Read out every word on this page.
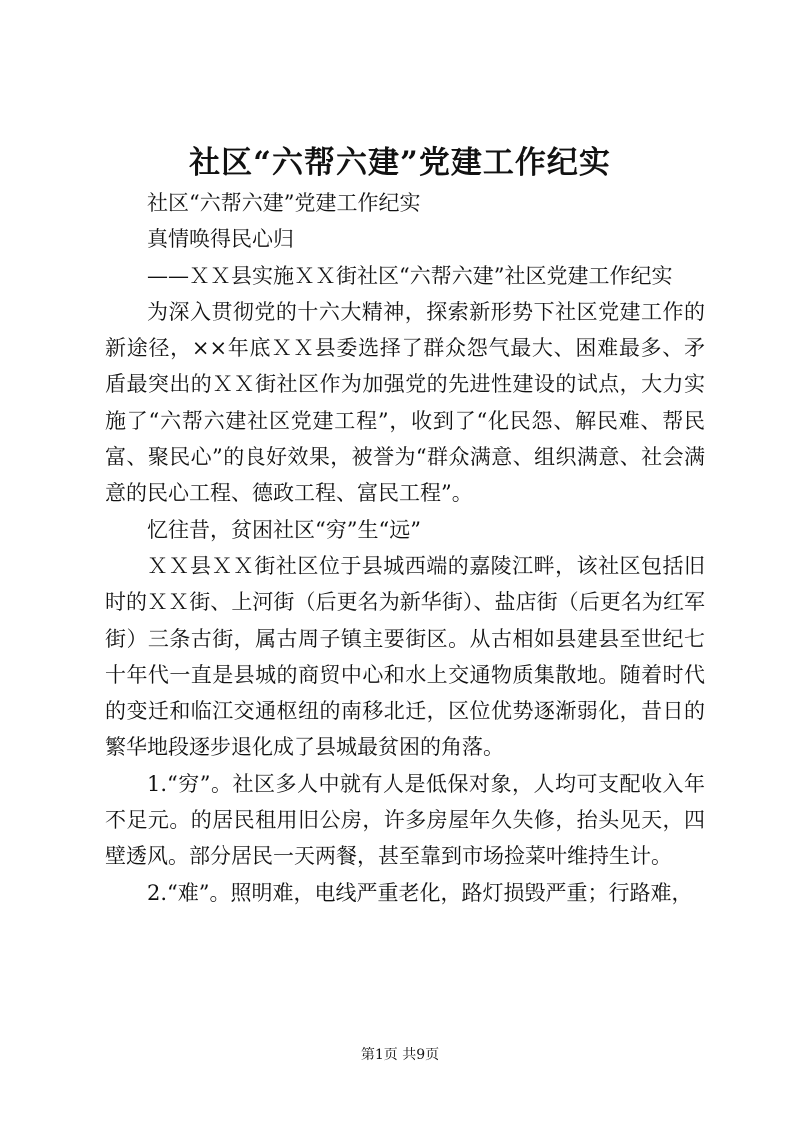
社区“六帮六建”党建工作纪实

社区“六帮六建”党建工作纪实

真情唤得民心归

——ＸＸ县实施ＸＸ街社区“六帮六建”社区党建工作纪实

为深入贯彻党的十六大精神，探索新形势下社区党建工作的新途径，××年底ＸＸ县委选择了群众怨气最大、困难最多、矛盾最突出的ＸＸ街社区作为加强党的先进性建设的试点，大力实施了“六帮六建社区党建工程”，收到了“化民怨、解民难、帮民富、聚民心”的良好效果，被誉为“群众满意、组织满意、社会满意的民心工程、德政工程、富民工程”。

忆往昔，贫困社区“穷”生“远”

ＸＸ县ＸＸ街社区位于县城西端的嘉陵江畔，该社区包括旧时的ＸＸ街、上河街（后更名为新华街）、盐店街（后更名为红军街）三条古街，属古周子镇主要街区。从古相如县建县至世纪七十年代一直是县城的商贸中心和水上交通物质集散地。随着时代的变迁和临江交通枢纽的南移北迁，区位优势逐渐弱化，昔日的繁华地段逐步退化成了县城最贫困的角落。

1.“穷”。社区多人中就有人是低保对象，人均可支配收入年不足元。的居民租用旧公房，许多房屋年久失修，抬头见天，四壁透风。部分居民一天两餐，甚至靠到市场捡菜叶维持生计。

2.“难”。照明难，电线严重老化，路灯损毁严重；行路难，

第1页 共9页
